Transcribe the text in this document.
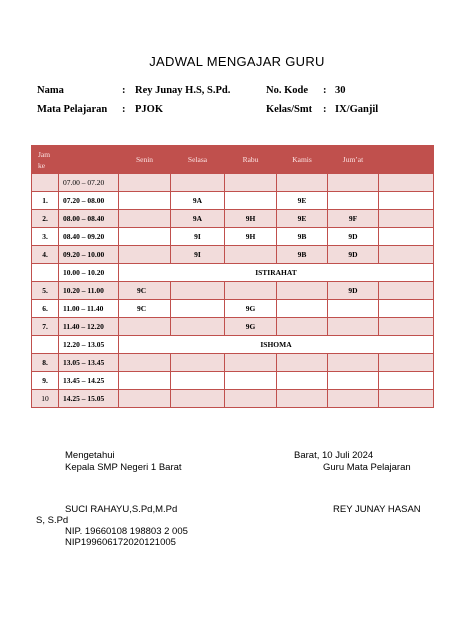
JADWAL MENGAJAR GURU
Nama	: Rey Junay H.S, S.Pd.
Mata Pelajaran : PJOK
No. Kode : 30
Kelas/Smt : IX/Ganjil
Jam
ke		Senin	Selasa	Rabu	Kamis	Jum’at	
	07.00 – 07.20						
1.	07.20 – 08.00		9A		9E		
2.	08.00 – 08.40		9A	9H	9E	9F	
3.	08.40 – 09.20		9I	9H	9B	9D	
4.	09.20 – 10.00		9I		9B	9D	
	10.00 – 10.20	ISTIRAHAT					
5.	10.20 – 11.00	9C				9D	
6.	11.00 – 11.40	9C		9G			
7.	11.40 – 12.20			9G			
	12.20 – 13.05	ISHOMA					
8.	13.05 – 13.45						
9.	13.45 – 14.25						
10	14.25 – 15.05						
Mengetahui
Kepala SMP Negeri 1 Barat
Barat, 10 Juli 2024
Guru Mata Pelajaran
SUCI RAHAYU,S.Pd,M.Pd	REY JUNAY HASAN
S, S.Pd
NIP. 19660108 198803 2 005
NIP199606172020121005
